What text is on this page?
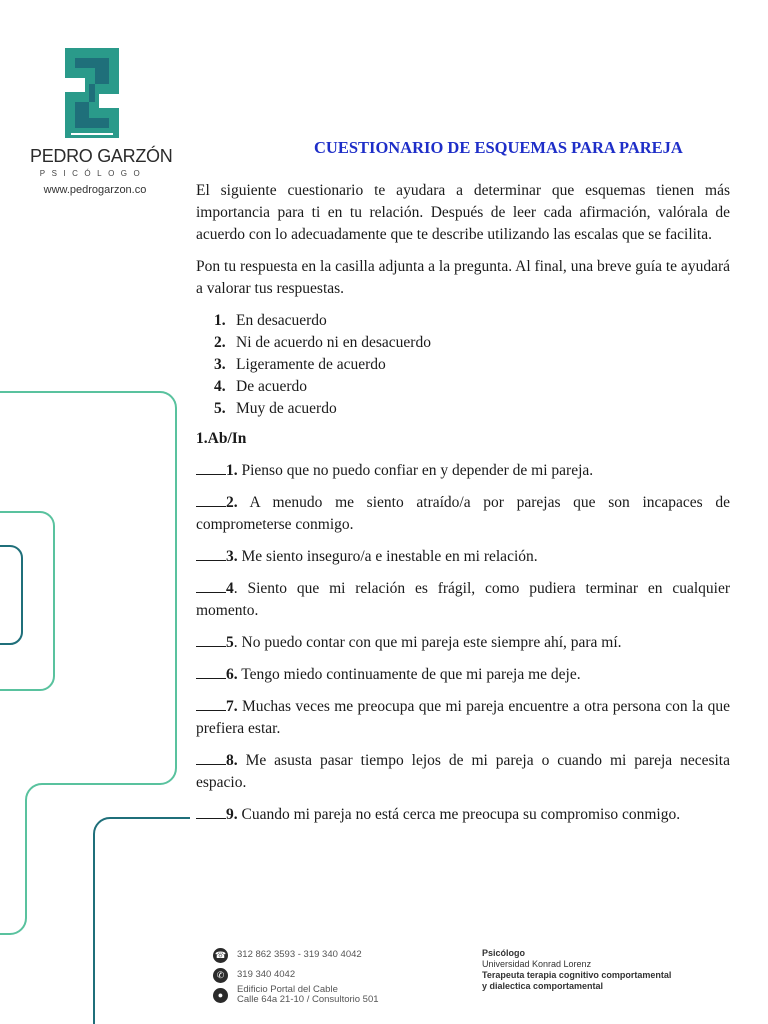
PEDRO GARZÓN
PSICÓLOGO
www.pedrogarzon.co
CUESTIONARIO DE ESQUEMAS PARA PAREJA

El siguiente cuestionario te ayudara a determinar que esquemas tienen más importancia para ti en tu relación. Después de leer cada afirmación, valórala de acuerdo con lo adecuadamente que te describe utilizando las escalas que se facilita.

Pon tu respuesta en la casilla adjunta a la pregunta. Al final, una breve guía te ayudará a valorar tus respuestas.

1. En desacuerdo
2. Ni de acuerdo ni en desacuerdo
3. Ligeramente de acuerdo
4. De acuerdo
5. Muy de acuerdo
1.Ab/In

1. Pienso que no puedo confiar en y depender de mi pareja.

2. A menudo me siento atraído/a por parejas que son incapaces de comprometerse conmigo.

3. Me siento inseguro/a e inestable en mi relación.

4. Siento que mi relación es frágil, como pudiera terminar en cualquier momento.

5. No puedo contar con que mi pareja este siempre ahí, para mí.

6. Tengo miedo continuamente de que mi pareja me deje.

7. Muchas veces me preocupa que mi pareja encuentre a otra persona con la que prefiera estar.

8. Me asusta pasar tiempo lejos de mi pareja o cuando mi pareja necesita espacio.

9. Cuando mi pareja no está cerca me preocupa su compromiso conmigo.

☎ 312 862 3593 - 319 340 4042
✆	319 340 4042
●	Edificio Portal del Cable
Calle 64a 21-10 / Consultorio 501
Psicólogo
Universidad Konrad Lorenz
Terapeuta terapia cognitivo comportamental
y dialectica comportamental
